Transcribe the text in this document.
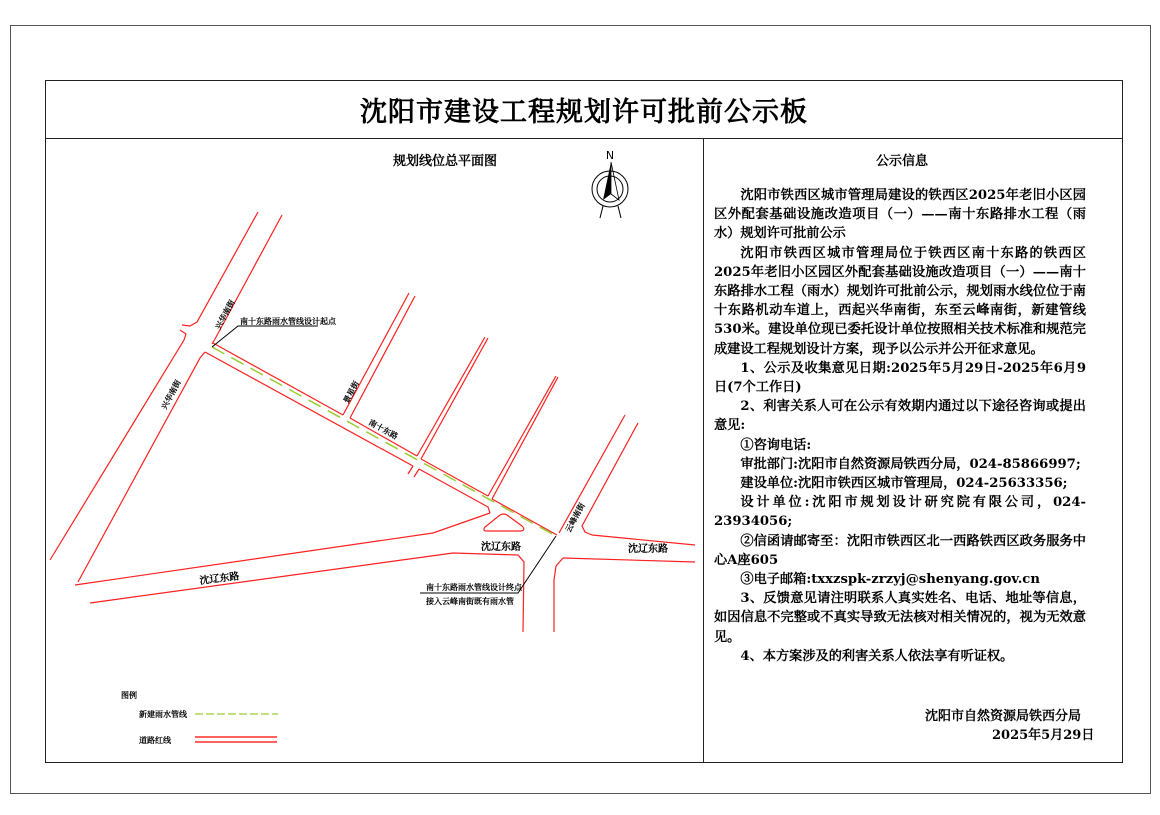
沈阳市建设工程规划许可批前公示板
规划线位总平面图	公示信息
N
南十东路雨水管线设计起点
南十东路雨水管线设计终点
接入云峰南街既有雨水管
兴华南街
兴华南街	景星街
南十东路
云峰南街
沈辽东路
沈辽东路	沈辽东路
图例
新建雨水管线
道路红线

沈阳市铁西区城市管理局建设的铁西区2025年老旧小区园区外配套基础设施改造项目（一）——南十东路排水工程（雨水）规划许可批前公示

沈阳市铁西区城市管理局位于铁西区南十东路的铁西区2025年老旧小区园区外配套基础设施改造项目（一）——南十东路排水工程（雨水）规划许可批前公示，规划雨水线位位于南十东路机动车道上，西起兴华南街，东至云峰南街，新建管线530米。建设单位现已委托设计单位按照相关技术标准和规范完成建设工程规划设计方案，现予以公示并公开征求意见。

1、公示及收集意见日期:2025年5月29日-2025年6月9日(7个工作日)

2、利害关系人可在公示有效期内通过以下途径咨询或提出意见:

①咨询电话:

审批部门:沈阳市自然资源局铁西分局，024-85866997;

建设单位:沈阳市铁西区城市管理局，024-25633356;

设计单位:沈阳市规划设计研究院有限公司，024-23934056;

②信函请邮寄至：沈阳市铁西区北一西路铁西区政务服务中心A座605

③电子邮箱:txxzspk-zrzyj@shenyang.gov.cn

3、反馈意见请注明联系人真实姓名、电话、地址等信息，如因信息不完整或不真实导致无法核对相关情况的，视为无效意见。

4、本方案涉及的利害关系人依法享有听证权。

沈阳市自然资源局铁西分局
2025年5月29日
